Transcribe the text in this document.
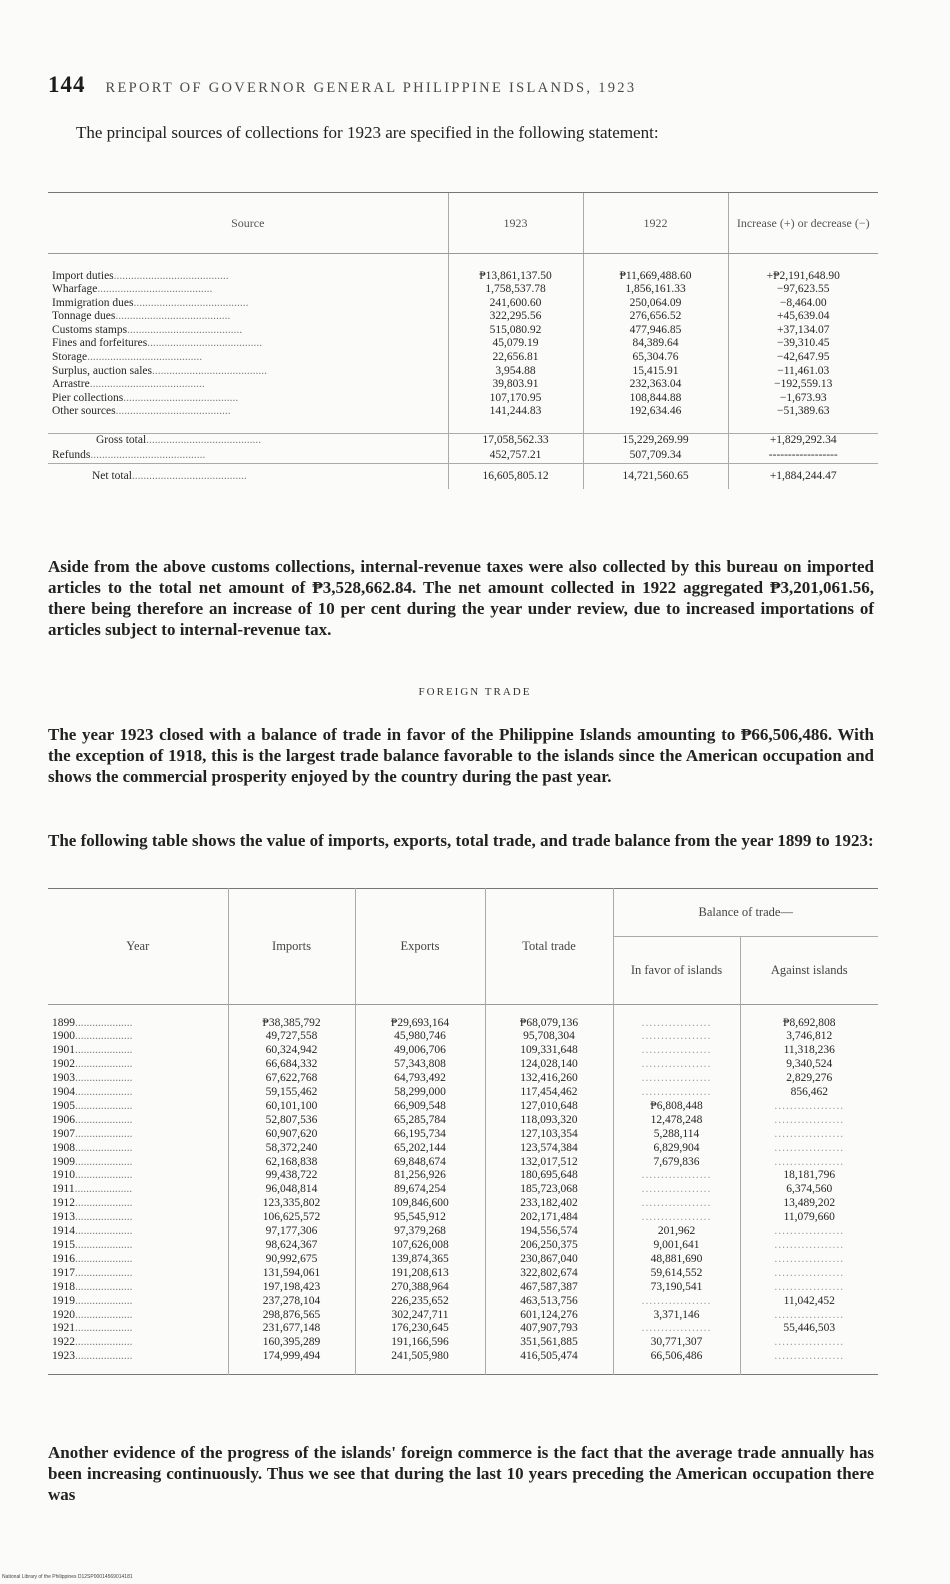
144 REPORT OF GOVERNOR GENERAL PHILIPPINE ISLANDS, 1923
The principal sources of collections for 1923 are specified in the following statement:
Source	1923	1922	Increase (+) or decrease (−)

Import duties........................................	₱13,861,137.50	₱11,669,488.60	+₱2,191,648.90
Wharfage........................................	1,758,537.78	1,856,161.33	−97,623.55
Immigration dues........................................	241,600.60	250,064.09	−8,464.00
Tonnage dues........................................	322,295.56	276,656.52	+45,639.04
Customs stamps........................................	515,080.92	477,946.85	+37,134.07
Fines and forfeitures........................................	45,079.19	84,389.64	−39,310.45
Storage........................................	22,656.81	65,304.76	−42,647.95
Surplus, auction sales........................................	3,954.88	15,415.91	−11,461.03
Arrastre........................................	39,803.91	232,363.04	−192,559.13
Pier collections........................................	107,170.95	108,844.88	−1,673.93
Other sources........................................	141,244.83	192,634.46	−51,389.63

Gross total........................................	17,058,562.33	15,229,269.99	+1,829,292.34
Refunds........................................	452,757.21	507,709.34	------------------
Net total........................................	16,605,805.12	14,721,560.65	+1,884,244.47
Aside from the above customs collections, internal-revenue taxes were also collected by this bureau on imported articles to the total net amount of ₱3,528,662.84. The net amount collected in 1922 aggregated ₱3,201,061.56, there being therefore an increase of 10 per cent during the year under review, due to increased importations of articles subject to internal-revenue tax.
FOREIGN TRADE
The year 1923 closed with a balance of trade in favor of the Philippine Islands amounting to ₱66,506,486. With the exception of 1918, this is the largest trade balance favorable to the islands since the American occupation and shows the commercial prosperity enjoyed by the country during the past year.
The following table shows the value of imports, exports, total trade, and trade balance from the year 1899 to 1923:
Year	Imports	Exports	Total trade	Balance of trade—	
				In favor of islands	Against islands

1899....................	₱38,385,792	₱29,693,164	₱68,079,136	..................	₱8,692,808
1900....................	49,727,558	45,980,746	95,708,304	..................	3,746,812
1901....................	60,324,942	49,006,706	109,331,648	..................	11,318,236
1902....................	66,684,332	57,343,808	124,028,140	..................	9,340,524
1903....................	67,622,768	64,793,492	132,416,260	..................	2,829,276
1904....................	59,155,462	58,299,000	117,454,462	..................	856,462
1905....................	60,101,100	66,909,548	127,010,648	₱6,808,448	..................
1906....................	52,807,536	65,285,784	118,093,320	12,478,248	..................
1907....................	60,907,620	66,195,734	127,103,354	5,288,114	..................
1908....................	58,372,240	65,202,144	123,574,384	6,829,904	..................
1909....................	62,168,838	69,848,674	132,017,512	7,679,836	..................
1910....................	99,438,722	81,256,926	180,695,648	..................	18,181,796
1911....................	96,048,814	89,674,254	185,723,068	..................	6,374,560
1912....................	123,335,802	109,846,600	233,182,402	..................	13,489,202
1913....................	106,625,572	95,545,912	202,171,484	..................	11,079,660
1914....................	97,177,306	97,379,268	194,556,574	201,962	..................
1915....................	98,624,367	107,626,008	206,250,375	9,001,641	..................
1916....................	90,992,675	139,874,365	230,867,040	48,881,690	..................
1917....................	131,594,061	191,208,613	322,802,674	59,614,552	..................
1918....................	197,198,423	270,388,964	467,587,387	73,190,541	..................
1919....................	237,278,104	226,235,652	463,513,756	..................	11,042,452
1920....................	298,876,565	302,247,711	601,124,276	3,371,146	..................
1921....................	231,677,148	176,230,645	407,907,793	..................	55,446,503
1922....................	160,395,289	191,166,596	351,561,885	30,771,307	..................
1923....................	174,999,494	241,505,980	416,505,474	66,506,486	..................

Another evidence of the progress of the islands' foreign commerce is the fact that the average trade annually has been increasing continuously. Thus we see that during the last 10 years preceding the American occupation there was
National Library of the Philippines D12SP00014569014181
